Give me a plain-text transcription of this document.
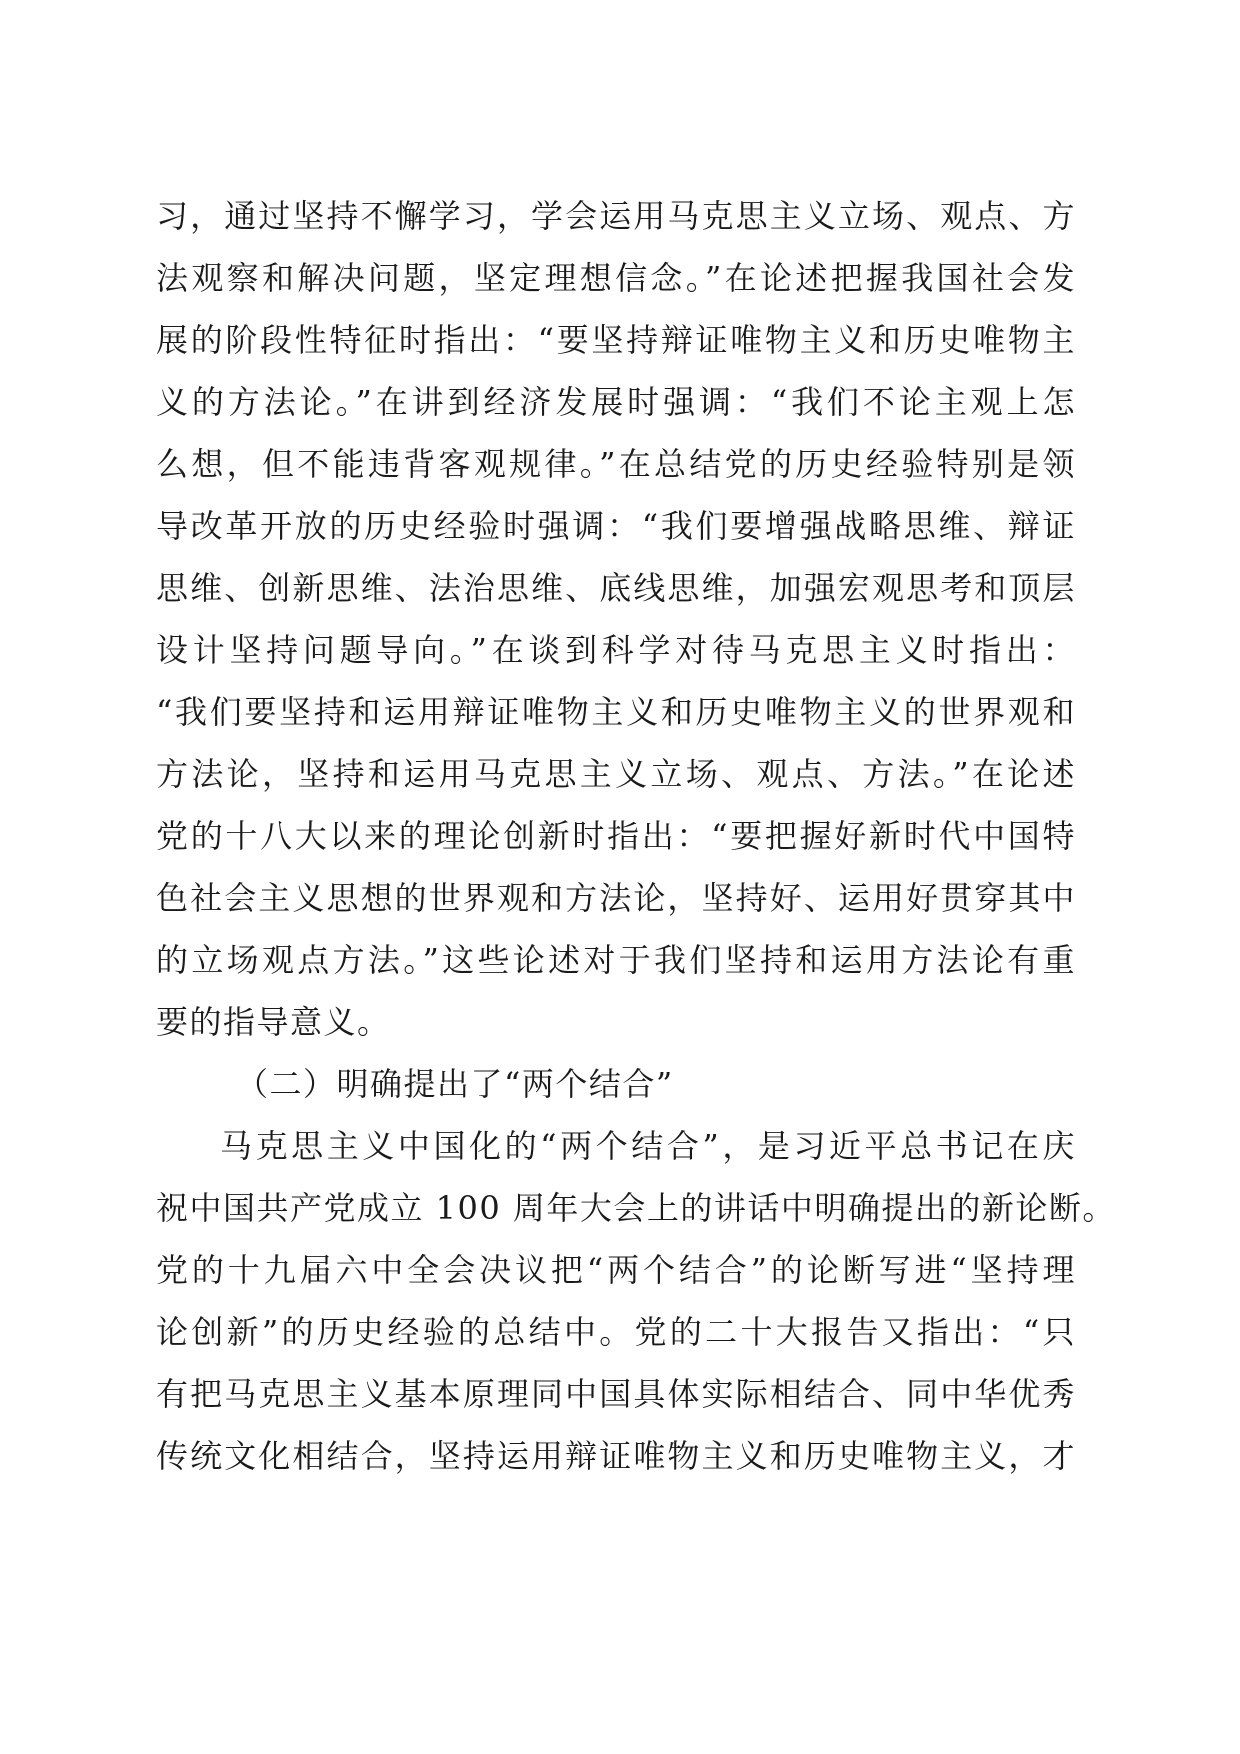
习，通过坚持不懈学习，学会运用马克思主义立场、观点、方
法观察和解决问题，坚定理想信念。”在论述把握我国社会发
展的阶段性特征时指出：“要坚持辩证唯物主义和历史唯物主
义的方法论。”在讲到经济发展时强调：“我们不论主观上怎
么想，但不能违背客观规律。”在总结党的历史经验特别是领
导改革开放的历史经验时强调：“我们要增强战略思维、辩证
思维、创新思维、法治思维、底线思维，加强宏观思考和顶层
设计坚持问题导向。”在谈到科学对待马克思主义时指出：
“我们要坚持和运用辩证唯物主义和历史唯物主义的世界观和
方法论，坚持和运用马克思主义立场、观点、方法。”在论述
党的十八大以来的理论创新时指出：“要把握好新时代中国特
色社会主义思想的世界观和方法论，坚持好、运用好贯穿其中
的立场观点方法。”这些论述对于我们坚持和运用方法论有重
要的指导意义。
（二）明确提出了“两个结合”
马克思主义中国化的“两个结合”，是习近平总书记在庆
祝中国共产党成立 100 周年大会上的讲话中明确提出的新论断。
党的十九届六中全会决议把“两个结合”的论断写进“坚持理
论创新”的历史经验的总结中。党的二十大报告又指出：“只
有把马克思主义基本原理同中国具体实际相结合、同中华优秀
传统文化相结合，坚持运用辩证唯物主义和历史唯物主义，才
